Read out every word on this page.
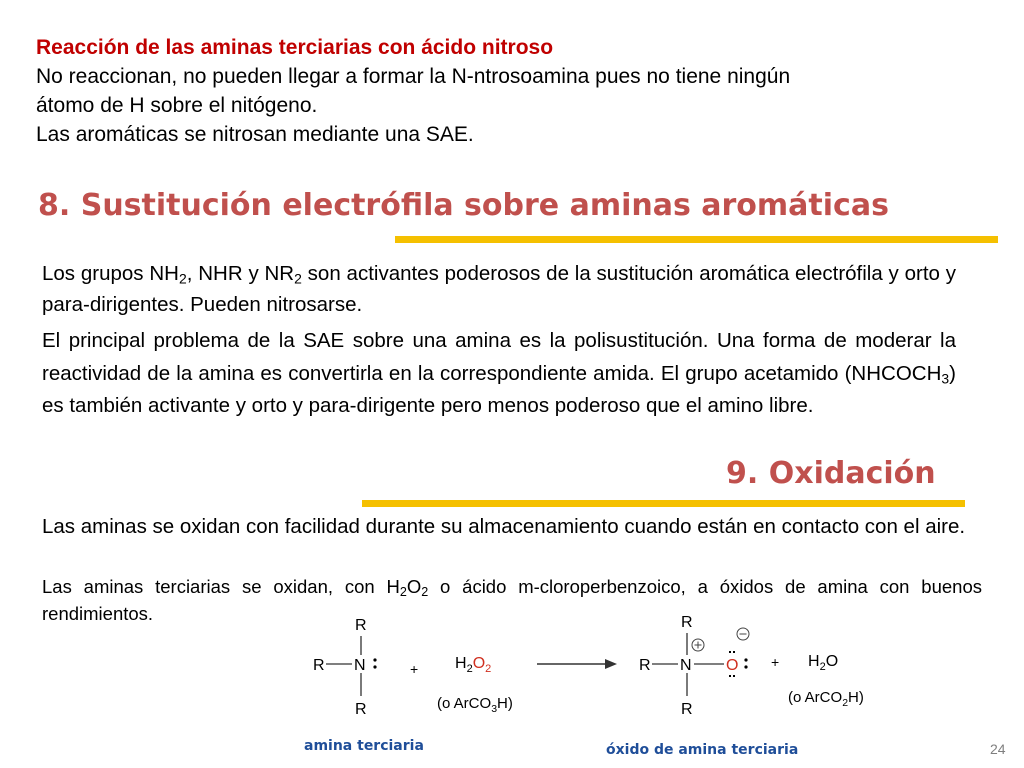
Reacción de las aminas terciarias con ácido nitroso
No reaccionan, no pueden llegar a formar la N-ntrosoamina pues no tiene ningún
átomo de H sobre el nitógeno.
Las aromáticas se nitrosan mediante una SAE.
8. Sustitución electrófila sobre aminas aromáticas
Los grupos $NH_2$, NHR y $NR_2$ son activantes poderosos de la sustitución aromática electrófila y orto y para-dirigentes. Pueden nitrosarse.
El principal problema de la SAE sobre una amina es la polisustitución. Una forma de moderar la reactividad de la amina es convertirla en la correspondiente amida. El grupo acetamido $(NHCOCH_3)$ es también activante y orto y para-dirigente pero menos poderoso que el amino libre.
9. Oxidación
Las aminas se oxidan con facilidad durante su almacenamiento cuando están en contacto con el aire.
Las aminas terciarias se oxidan, con $H_2O_2$ o ácido m-cloroperbenzoico, a óxidos de amina con buenos rendimientos.
R
R N
R
+ $H_2O_2$
(o ArCO$_3$H)
R
R N O
R
+ $H_2O$
(o ArCO$_2$H)
amina terciaria	óxido de amina terciaria	24
